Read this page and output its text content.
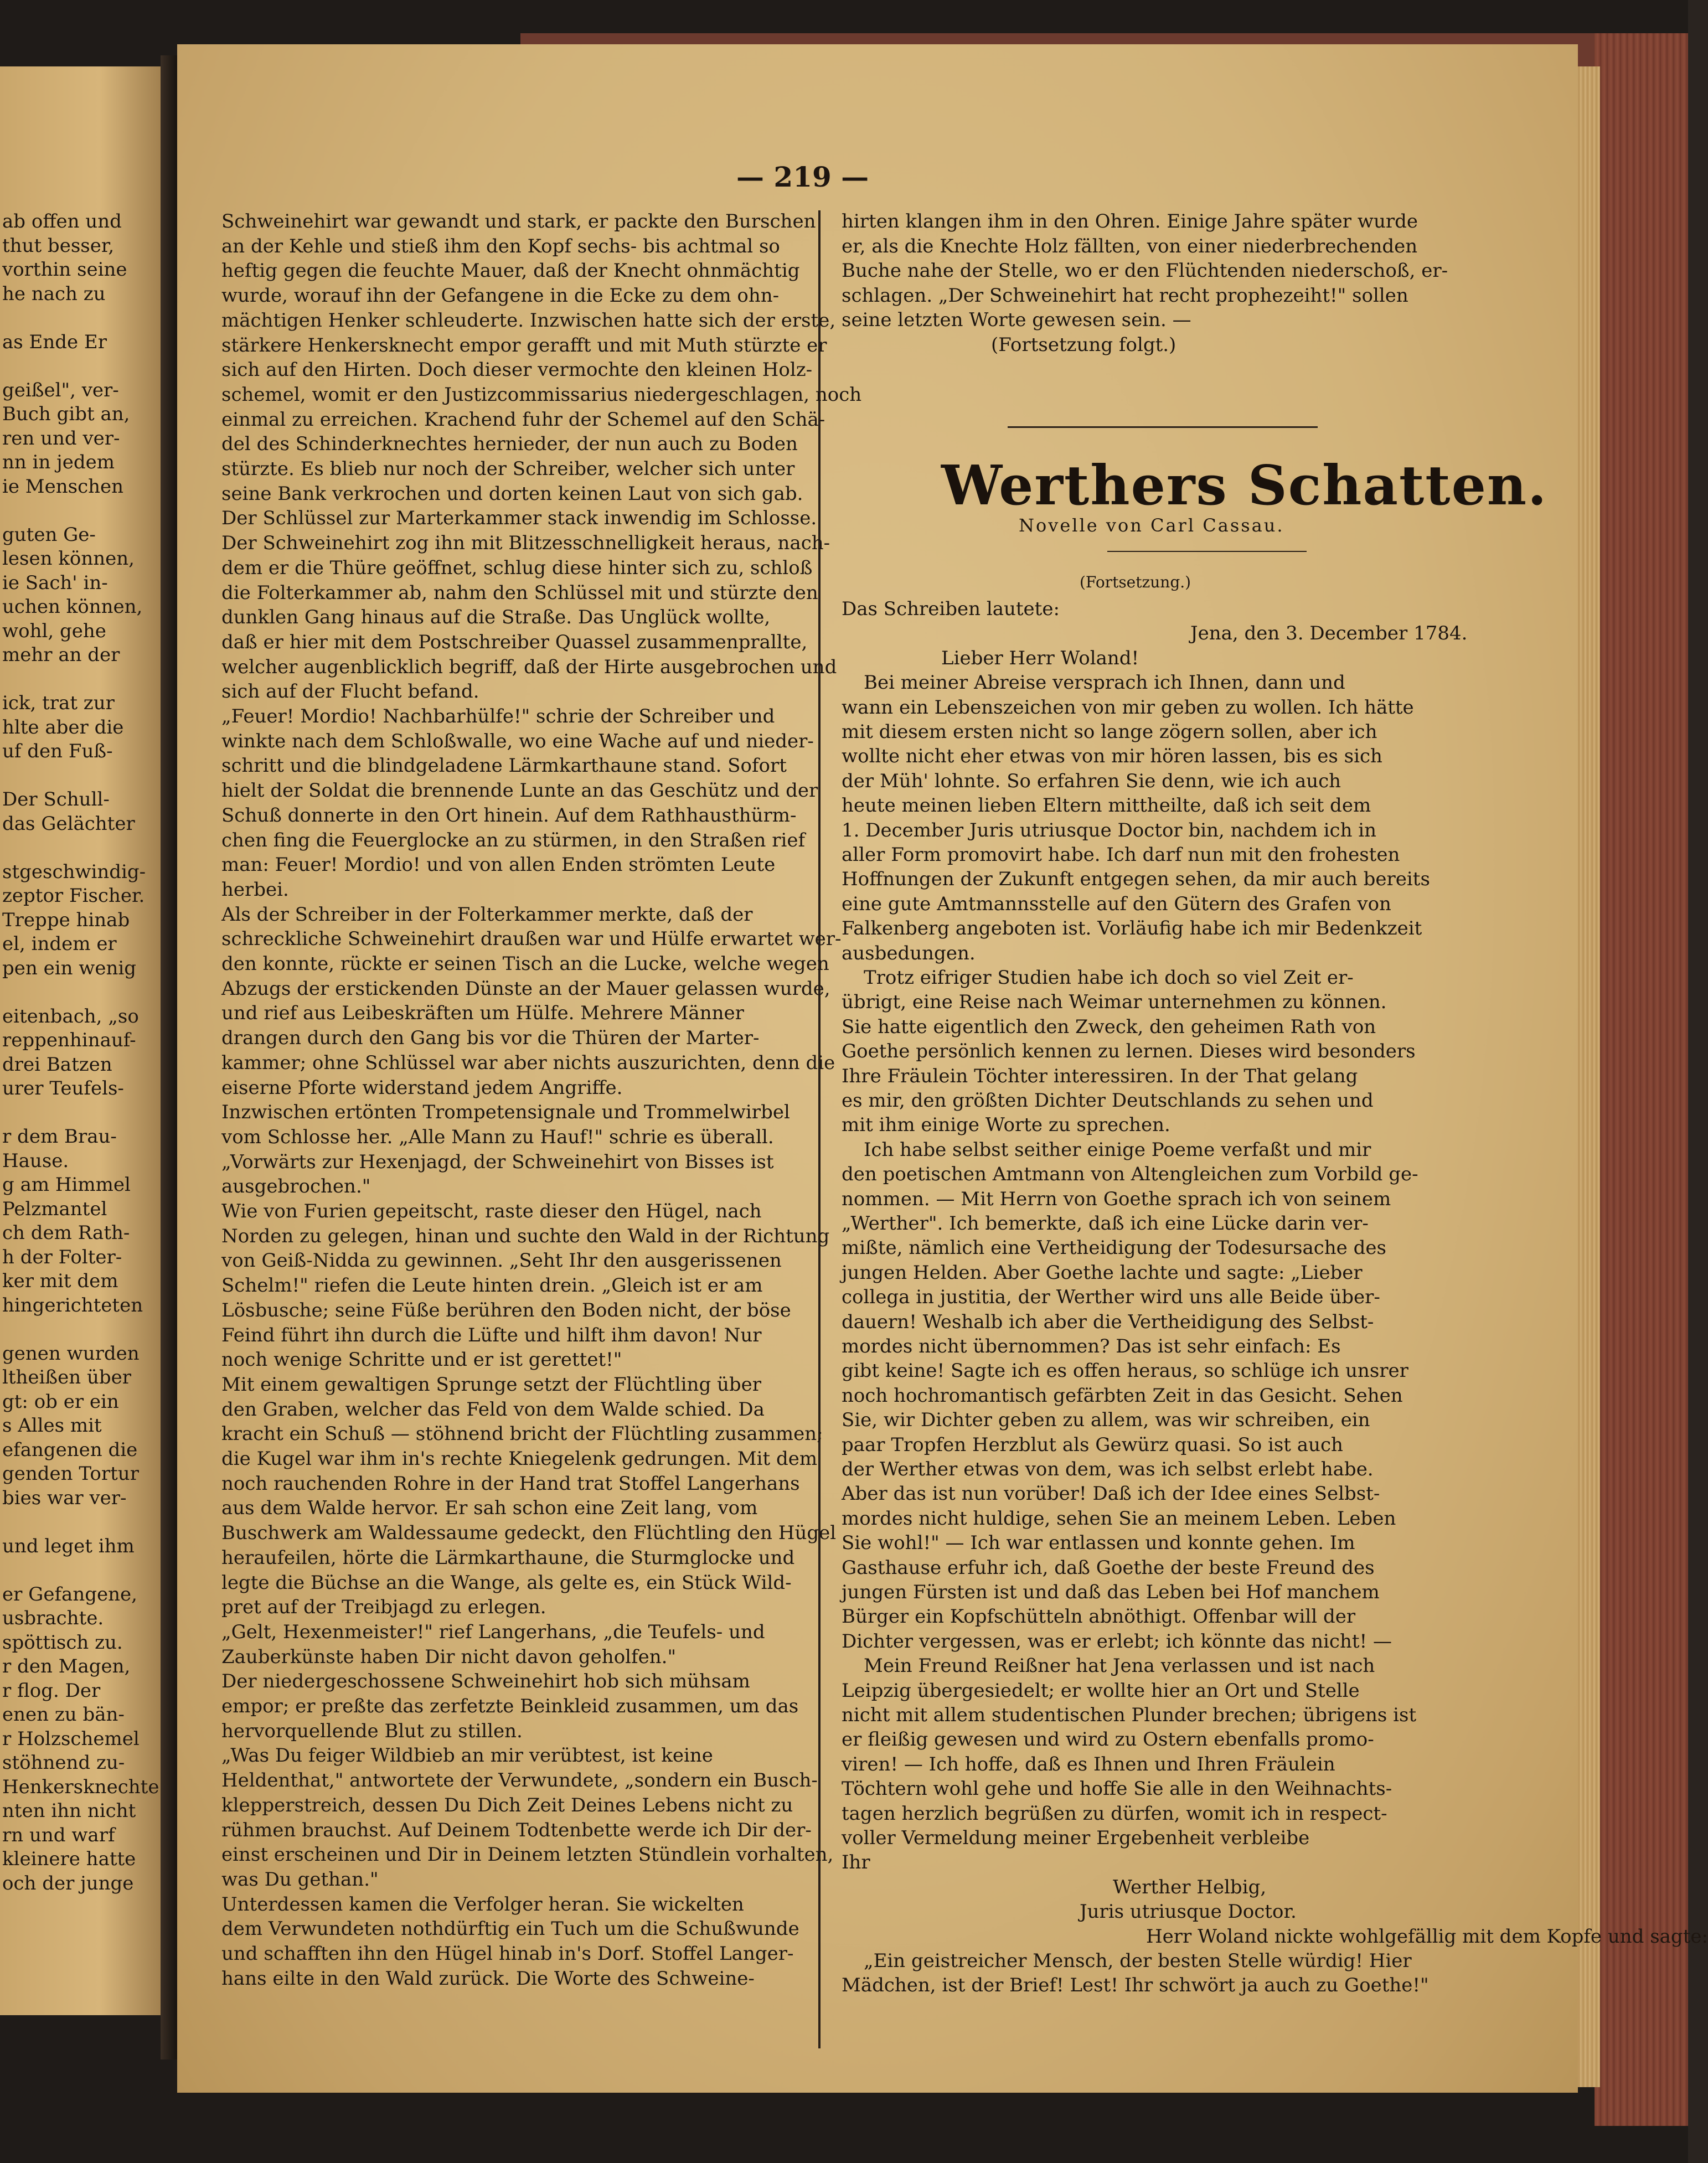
ab offen und
thut besser,
vorthin seine
he nach zu
as Ende Er
geißel", ver-
Buch gibt an,
ren und ver-
nn in jedem
ie Menschen
guten Ge-
lesen können,
ie Sach' in-
uchen können,
wohl, gehe
mehr an der
ick, trat zur
hlte aber die
uf den Fuß-
Der Schull-
das Gelächter
stgeschwindig-
zeptor Fischer.
Treppe hinab
el, indem er
pen ein wenig
eitenbach, „so
reppenhinauf-
drei Batzen
urer Teufels-
r dem Brau-
Hause.
g am Himmel
Pelzmantel
ch dem Rath-
h der Folter-
ker mit dem
hingerichteten
genen wurden
ltheißen über
gt: ob er ein
s Alles mit
efangenen die
genden Tortur
bies war ver-
und leget ihm
er Gefangene,
usbrachte.
spöttisch zu.
r den Magen,
r flog. Der
enen zu bän-
r Holzschemel
stöhnend zu-
Henkersknechte
nten ihn nicht
rn und warf
kleinere hatte
och der junge
— 219 —
Schweinehirt war gewandt und stark, er packte den Burschen
an der Kehle und stieß ihm den Kopf sechs- bis achtmal so
heftig gegen die feuchte Mauer, daß der Knecht ohnmächtig
wurde, worauf ihn der Gefangene in die Ecke zu dem ohn-
mächtigen Henker schleuderte. Inzwischen hatte sich der erste,
stärkere Henkersknecht empor gerafft und mit Muth stürzte er
sich auf den Hirten. Doch dieser vermochte den kleinen Holz-
schemel, womit er den Justizcommissarius niedergeschlagen, noch
einmal zu erreichen. Krachend fuhr der Schemel auf den Schä-
del des Schinderknechtes hernieder, der nun auch zu Boden
stürzte. Es blieb nur noch der Schreiber, welcher sich unter
seine Bank verkrochen und dorten keinen Laut von sich gab.
Der Schlüssel zur Marterkammer stack inwendig im Schlosse.
Der Schweinehirt zog ihn mit Blitzesschnelligkeit heraus, nach-
dem er die Thüre geöffnet, schlug diese hinter sich zu, schloß
die Folterkammer ab, nahm den Schlüssel mit und stürzte den
dunklen Gang hinaus auf die Straße. Das Unglück wollte,
daß er hier mit dem Postschreiber Quassel zusammenprallte,
welcher augenblicklich begriff, daß der Hirte ausgebrochen und
sich auf der Flucht befand.
„Feuer! Mordio! Nachbarhülfe!" schrie der Schreiber und
winkte nach dem Schloßwalle, wo eine Wache auf und nieder-
schritt und die blindgeladene Lärmkarthaune stand. Sofort
hielt der Soldat die brennende Lunte an das Geschütz und der
Schuß donnerte in den Ort hinein. Auf dem Rathhausthürm-
chen fing die Feuerglocke an zu stürmen, in den Straßen rief
man: Feuer! Mordio! und von allen Enden strömten Leute
herbei.
Als der Schreiber in der Folterkammer merkte, daß der
schreckliche Schweinehirt draußen war und Hülfe erwartet wer-
den konnte, rückte er seinen Tisch an die Lucke, welche wegen
Abzugs der erstickenden Dünste an der Mauer gelassen wurde,
und rief aus Leibeskräften um Hülfe. Mehrere Männer
drangen durch den Gang bis vor die Thüren der Marter-
kammer; ohne Schlüssel war aber nichts auszurichten, denn die
eiserne Pforte widerstand jedem Angriffe.
Inzwischen ertönten Trompetensignale und Trommelwirbel
vom Schlosse her. „Alle Mann zu Hauf!" schrie es überall.
„Vorwärts zur Hexenjagd, der Schweinehirt von Bisses ist
ausgebrochen."
Wie von Furien gepeitscht, raste dieser den Hügel, nach
Norden zu gelegen, hinan und suchte den Wald in der Richtung
von Geiß-Nidda zu gewinnen. „Seht Ihr den ausgerissenen
Schelm!" riefen die Leute hinten drein. „Gleich ist er am
Lösbusche; seine Füße berühren den Boden nicht, der böse
Feind führt ihn durch die Lüfte und hilft ihm davon! Nur
noch wenige Schritte und er ist gerettet!"
Mit einem gewaltigen Sprunge setzt der Flüchtling über
den Graben, welcher das Feld von dem Walde schied. Da
kracht ein Schuß — stöhnend bricht der Flüchtling zusammen;
die Kugel war ihm in's rechte Kniegelenk gedrungen. Mit dem
noch rauchenden Rohre in der Hand trat Stoffel Langerhans
aus dem Walde hervor. Er sah schon eine Zeit lang, vom
Buschwerk am Waldessaume gedeckt, den Flüchtling den Hügel
heraufeilen, hörte die Lärmkarthaune, die Sturmglocke und
legte die Büchse an die Wange, als gelte es, ein Stück Wild-
pret auf der Treibjagd zu erlegen.
„Gelt, Hexenmeister!" rief Langerhans, „die Teufels- und
Zauberkünste haben Dir nicht davon geholfen."
Der niedergeschossene Schweinehirt hob sich mühsam
empor; er preßte das zerfetzte Beinkleid zusammen, um das
hervorquellende Blut zu stillen.
„Was Du feiger Wildbieb an mir verübtest, ist keine
Heldenthat," antwortete der Verwundete, „sondern ein Busch-
klepperstreich, dessen Du Dich Zeit Deines Lebens nicht zu
rühmen brauchst. Auf Deinem Todtenbette werde ich Dir der-
einst erscheinen und Dir in Deinem letzten Stündlein vorhalten,
was Du gethan."
Unterdessen kamen die Verfolger heran. Sie wickelten
dem Verwundeten nothdürftig ein Tuch um die Schußwunde
und schafften ihn den Hügel hinab in's Dorf. Stoffel Langer-
hans eilte in den Wald zurück. Die Worte des Schweine-
hirten klangen ihm in den Ohren. Einige Jahre später wurde
er, als die Knechte Holz fällten, von einer niederbrechenden
Buche nahe der Stelle, wo er den Flüchtenden niederschoß, er-
schlagen. „Der Schweinehirt hat recht prophezeiht!" sollen
seine letzten Worte gewesen sein. —
(Fortsetzung folgt.)
Das Schreiben lautete:
Jena, den 3. December 1784.
Lieber Herr Woland!
Bei meiner Abreise versprach ich Ihnen, dann und
wann ein Lebenszeichen von mir geben zu wollen. Ich hätte
mit diesem ersten nicht so lange zögern sollen, aber ich
wollte nicht eher etwas von mir hören lassen, bis es sich
der Müh' lohnte. So erfahren Sie denn, wie ich auch
heute meinen lieben Eltern mittheilte, daß ich seit dem
1. December Juris utriusque Doctor bin, nachdem ich in
aller Form promovirt habe. Ich darf nun mit den frohesten
Hoffnungen der Zukunft entgegen sehen, da mir auch bereits
eine gute Amtmannsstelle auf den Gütern des Grafen von
Falkenberg angeboten ist. Vorläufig habe ich mir Bedenkzeit
ausbedungen.
Trotz eifriger Studien habe ich doch so viel Zeit er-
übrigt, eine Reise nach Weimar unternehmen zu können.
Sie hatte eigentlich den Zweck, den geheimen Rath von
Goethe persönlich kennen zu lernen. Dieses wird besonders
Ihre Fräulein Töchter interessiren. In der That gelang
es mir, den größten Dichter Deutschlands zu sehen und
mit ihm einige Worte zu sprechen.
Ich habe selbst seither einige Poeme verfaßt und mir
den poetischen Amtmann von Altengleichen zum Vorbild ge-
nommen. — Mit Herrn von Goethe sprach ich von seinem
„Werther". Ich bemerkte, daß ich eine Lücke darin ver-
mißte, nämlich eine Vertheidigung der Todesursache des
jungen Helden. Aber Goethe lachte und sagte: „Lieber
collega in justitia, der Werther wird uns alle Beide über-
dauern! Weshalb ich aber die Vertheidigung des Selbst-
mordes nicht übernommen? Das ist sehr einfach: Es
gibt keine! Sagte ich es offen heraus, so schlüge ich unsrer
noch hochromantisch gefärbten Zeit in das Gesicht. Sehen
Sie, wir Dichter geben zu allem, was wir schreiben, ein
paar Tropfen Herzblut als Gewürz quasi. So ist auch
der Werther etwas von dem, was ich selbst erlebt habe.
Aber das ist nun vorüber! Daß ich der Idee eines Selbst-
mordes nicht huldige, sehen Sie an meinem Leben. Leben
Sie wohl!" — Ich war entlassen und konnte gehen. Im
Gasthause erfuhr ich, daß Goethe der beste Freund des
jungen Fürsten ist und daß das Leben bei Hof manchem
Bürger ein Kopfschütteln abnöthigt. Offenbar will der
Dichter vergessen, was er erlebt; ich könnte das nicht! —
Mein Freund Reißner hat Jena verlassen und ist nach
Leipzig übergesiedelt; er wollte hier an Ort und Stelle
nicht mit allem studentischen Plunder brechen; übrigens ist
er fleißig gewesen und wird zu Ostern ebenfalls promo-
viren! — Ich hoffe, daß es Ihnen und Ihren Fräulein
Töchtern wohl gehe und hoffe Sie alle in den Weihnachts-
tagen herzlich begrüßen zu dürfen, womit ich in respect-
voller Vermeldung meiner Ergebenheit verbleibe
Ihr
Werther Helbig,
Juris utriusque Doctor.
Herr Woland nickte wohlgefällig mit dem Kopfe und sagte:
„Ein geistreicher Mensch, der besten Stelle würdig! Hier
Mädchen, ist der Brief! Lest! Ihr schwört ja auch zu Goethe!"
Werthers Schatten.
Novelle von Carl Cassau.
(Fortsetzung.)
